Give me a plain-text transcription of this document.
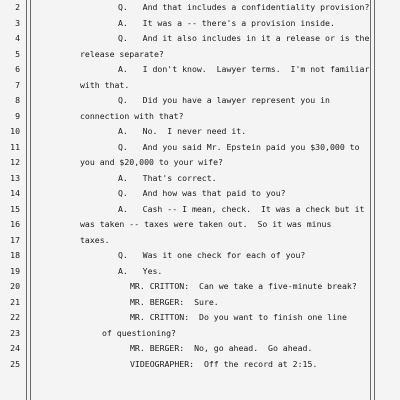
2	Q.   And that includes a confidentiality provision?
3	A.   It was a -- there's a provision inside.
4	Q.   And it also includes in it a release or is the
5	release separate?
6	A.   I don't know.  Lawyer terms.  I'm not familiar
7	with that.
8	Q.   Did you have a lawyer represent you in
9	connection with that?
10	A.   No.  I never need it.
11	Q.   And you said Mr. Epstein paid you $30,000 to
12	you and $20,000 to your wife?
13	A.   That's correct.
14	Q.   And how was that paid to you?
15	A.   Cash -- I mean, check.  It was a check but it
16	was taken -- taxes were taken out.  So it was minus
17	taxes.
18	Q.   Was it one check for each of you?
19	A.   Yes.
20	MR. CRITTON:  Can we take a five-minute break?
21	MR. BERGER:  Sure.
22	MR. CRITTON:  Do you want to finish one line
23	of questioning?
24	MR. BERGER:  No, go ahead.  Go ahead.
25	VIDEOGRAPHER:  Off the record at 2:15.
